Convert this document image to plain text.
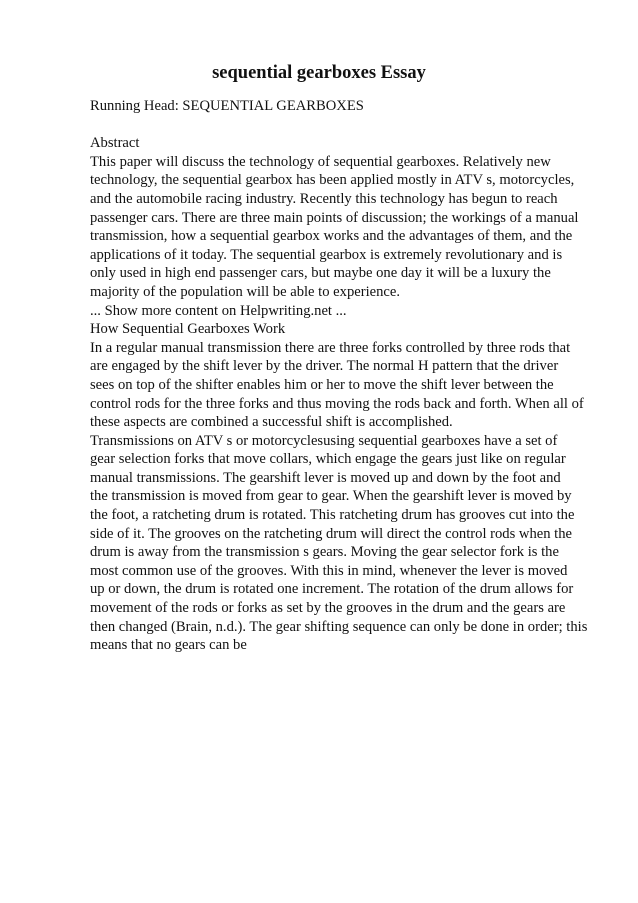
sequential gearboxes Essay
Running Head: SEQUENTIAL GEARBOXES
Abstract
This paper will discuss the technology of sequential gearboxes. Relatively new
technology, the sequential gearbox has been applied mostly in ATV s, motorcycles,
and the automobile racing industry. Recently this technology has begun to reach
passenger cars. There are three main points of discussion; the workings of a manual
transmission, how a sequential gearbox works and the advantages of them, and the
applications of it today. The sequential gearbox is extremely revolutionary and is
only used in high end passenger cars, but maybe one day it will be a luxury the
majority of the population will be able to experience.
... Show more content on Helpwriting.net ...
How Sequential Gearboxes Work
In a regular manual transmission there are three forks controlled by three rods that
are engaged by the shift lever by the driver. The normal H pattern that the driver
sees on top of the shifter enables him or her to move the shift lever between the
control rods for the three forks and thus moving the rods back and forth. When all of
these aspects are combined a successful shift is accomplished.
Transmissions on ATV s or motorcyclesusing sequential gearboxes have a set of
gear selection forks that move collars, which engage the gears just like on regular
manual transmissions. The gearshift lever is moved up and down by the foot and
the transmission is moved from gear to gear. When the gearshift lever is moved by
the foot, a ratcheting drum is rotated. This ratcheting drum has grooves cut into the
side of it. The grooves on the ratcheting drum will direct the control rods when the
drum is away from the transmission s gears. Moving the gear selector fork is the
most common use of the grooves. With this in mind, whenever the lever is moved
up or down, the drum is rotated one increment. The rotation of the drum allows for
movement of the rods or forks as set by the grooves in the drum and the gears are
then changed (Brain, n.d.). The gear shifting sequence can only be done in order; this
means that no gears can be
